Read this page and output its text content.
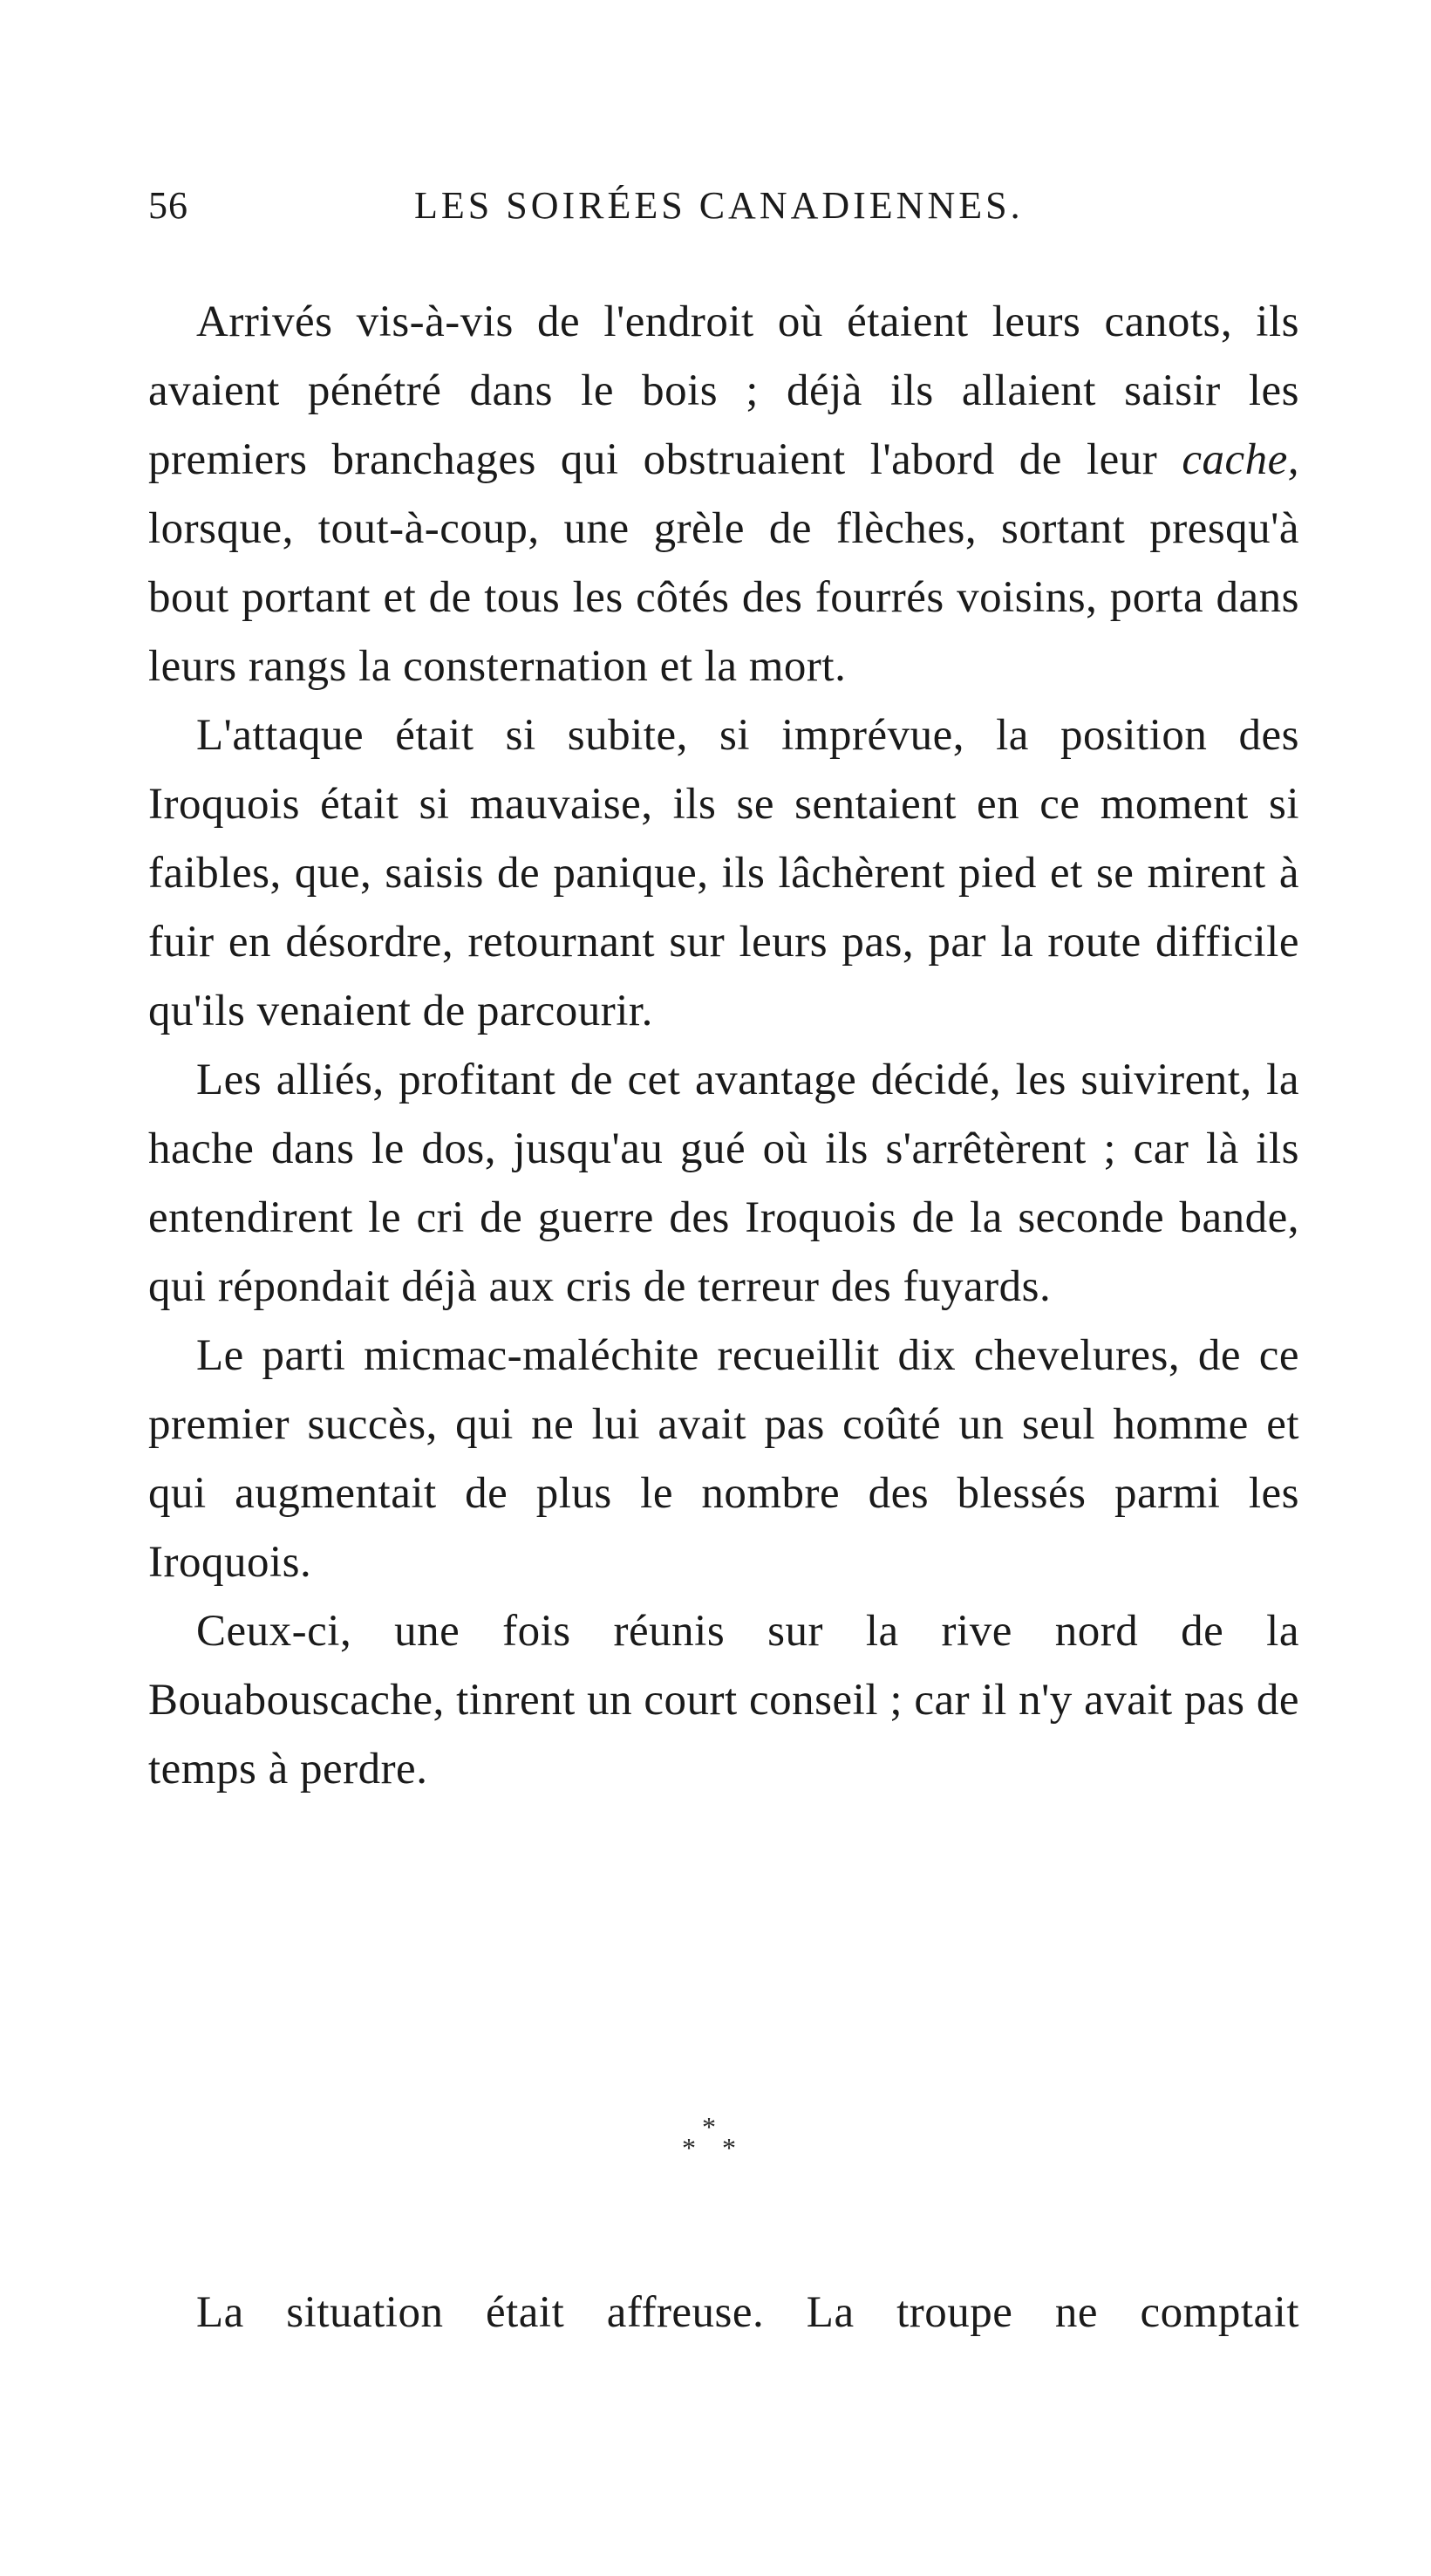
56	LES SOIRÉES CANADIENNES.

Arrivés vis-à-vis de l'endroit où étaient leurs canots, ils avaient pénétré dans le bois ; déjà ils allaient saisir les premiers branchages qui obstruaient l'abord de leur cache, lorsque, tout-à-coup, une grèle de flèches, sortant presqu'à bout portant et de tous les côtés des fourrés voisins, porta dans leurs rangs la consternation et la mort.

L'attaque était si subite, si imprévue, la position des Iroquois était si mauvaise, ils se sentaient en ce moment si faibles, que, saisis de panique, ils lâchèrent pied et se mirent à fuir en désordre, retournant sur leurs pas, par la route difficile qu'ils venaient de parcourir.

Les alliés, profitant de cet avantage décidé, les suivirent, la hache dans le dos, jusqu'au gué où ils s'arrêtèrent ; car là ils entendirent le cri de guerre des Iroquois de la seconde bande, qui répondait déjà aux cris de terreur des fuyards.

Le parti micmac-maléchite recueillit dix chevelures, de ce premier succès, qui ne lui avait pas coûté un seul homme et qui augmentait de plus le nombre des blessés parmi les Iroquois.

Ceux-ci, une fois réunis sur la rive nord de la Bouabouscache, tinrent un court conseil ; car il n'y avait pas de temps à perdre.

*
* *
La situation était affreuse. La troupe ne comptait
